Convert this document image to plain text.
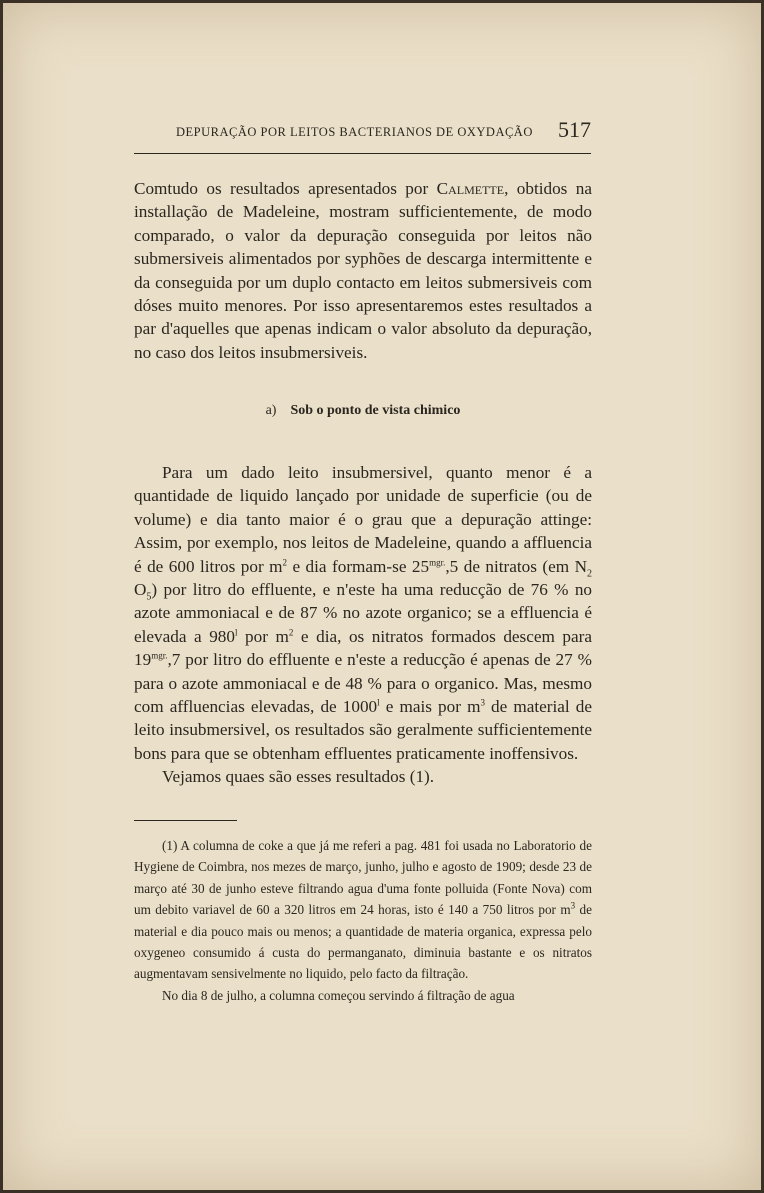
DEPURAÇÃO POR LEITOS BACTERIANOS DE OXYDAÇÃO 517

Comtudo os resultados apresentados por Calmette, obtidos na installação de Madeleine, mostram sufficientemente, de modo comparado, o valor da depuração conseguida por leitos não submersiveis alimentados por syphões de descarga intermittente e da conseguida por um duplo contacto em leitos submersiveis com dóses muito menores. Por isso apresentaremos estes resultados a par d'aquelles que apenas indicam o valor absoluto da depuração, no caso dos leitos insubmersiveis.

a) Sob o ponto de vista chimico

Para um dado leito insubmersivel, quanto menor é a quantidade de liquido lançado por unidade de superficie (ou de volume) e dia tanto maior é o grau que a depuração attinge: Assim, por exemplo, nos leitos de Madeleine, quando a affluencia é de 600 litros por $m^2$ e dia formam-se $25^{mgr.},5$ de nitratos (em $N_2$ $O_5$) por litro do effluente, e n'este ha uma reducção de 76 % no azote ammoniacal e de 87 % no azote organico; se a effluencia é elevada a 980$^l$ por $m^2$ e dia, os nitratos formados descem para $19^{mgr.},7$ por litro do effluente e n'este a reducção é apenas de 27 % para o azote ammoniacal e de 48 % para o organico. Mas, mesmo com affluencias elevadas, de 1000$^l$ e mais por $m^3$ de material de leito insubmersivel, os resultados são geralmente sufficientemente bons para que se obtenham effluentes praticamente inoffensivos.

Vejamos quaes são esses resultados (1).

(1) A columna de coke a que já me referi a pag. 481 foi usada no Laboratorio de Hygiene de Coimbra, nos mezes de março, junho, julho e agosto de 1909; desde 23 de março até 30 de junho esteve filtrando agua d'uma fonte polluida (Fonte Nova) com um debito variavel de 60 a 320 litros em 24 horas, isto é 140 a 750 litros por $m^3$ de material e dia pouco mais ou menos; a quantidade de materia organica, expressa pelo oxygeneo consumido á custa do permanganato, diminuia bastante e os nitratos augmentavam sensivelmente no liquido, pelo facto da filtração.

No dia 8 de julho, a columna começou servindo á filtração de agua
